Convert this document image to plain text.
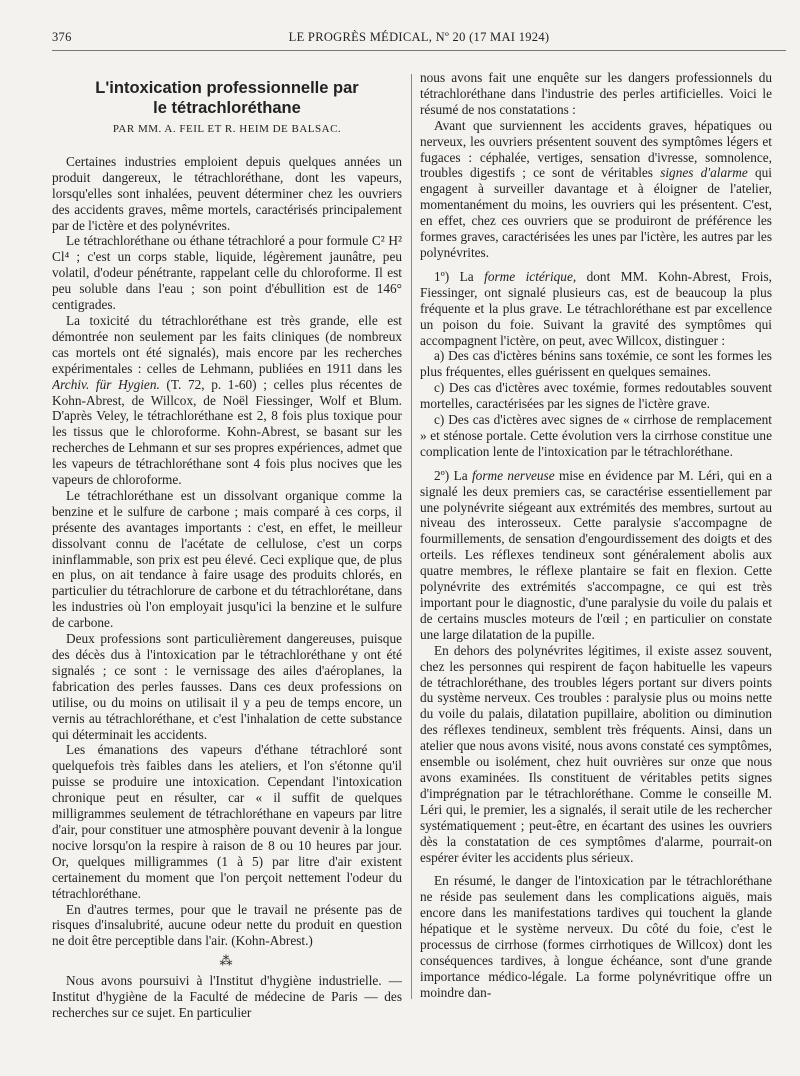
376	LE PROGRÈS MÉDICAL, Nº 20 (17 MAI 1924)
L'intoxication professionnelle par
le tétrachloréthane
PAR MM. A. FEIL ET R. HEIM DE BALSAC.

Certaines industries emploient depuis quelques années un produit dangereux, le tétrachloréthane, dont les vapeurs, lorsqu'elles sont inhalées, peuvent déterminer chez les ouvriers des accidents graves, même mortels, caractérisés principalement par de l'ictère et des polynévrites.

Le tétrachloréthane ou éthane tétrachloré a pour formule C² H² Cl⁴ ; c'est un corps stable, liquide, légèrement jaunâtre, peu volatil, d'odeur pénétrante, rappelant celle du chloroforme. Il est peu soluble dans l'eau ; son point d'ébullition est de 146° centigrades.

La toxicité du tétrachloréthane est très grande, elle est démontrée non seulement par les faits cliniques (de nombreux cas mortels ont été signalés), mais encore par les recherches expérimentales : celles de Lehmann, publiées en 1911 dans les Archiv. für Hygien. (T. 72, p. 1-60) ; celles plus récentes de Kohn-Abrest, de Willcox, de Noël Fiessinger, Wolf et Blum. D'après Veley, le tétrachloréthane est 2, 8 fois plus toxique pour les tissus que le chloroforme. Kohn-Abrest, se basant sur les recherches de Lehmann et sur ses propres expériences, admet que les vapeurs de tétrachloréthane sont 4 fois plus nocives que les vapeurs de chloroforme.

Le tétrachloréthane est un dissolvant organique comme la benzine et le sulfure de carbone ; mais comparé à ces corps, il présente des avantages importants : c'est, en effet, le meilleur dissolvant connu de l'acétate de cellulose, c'est un corps ininflammable, son prix est peu élevé. Ceci explique que, de plus en plus, on ait tendance à faire usage des produits chlorés, en particulier du tétrachlorure de carbone et du tétrachlorétane, dans les industries où l'on employait jusqu'ici la benzine et le sulfure de carbone.

Deux professions sont particulièrement dangereuses, puisque des décès dus à l'intoxication par le tétrachloréthane y ont été signalés ; ce sont : le vernissage des ailes d'aéroplanes, la fabrication des perles fausses. Dans ces deux professions on utilise, ou du moins on utilisait il y a peu de temps encore, un vernis au tétrachloréthane, et c'est l'inhalation de cette substance qui déterminait les accidents.

Les émanations des vapeurs d'éthane tétrachloré sont quelquefois très faibles dans les ateliers, et l'on s'étonne qu'il puisse se produire une intoxication. Cependant l'intoxication chronique peut en résulter, car « il suffit de quelques milligrammes seulement de tétrachloréthane en vapeurs par litre d'air, pour constituer une atmosphère pouvant devenir à la longue nocive lorsqu'on la respire à raison de 8 ou 10 heures par jour. Or, quelques milligrammes (1 à 5) par litre d'air existent certainement du moment que l'on perçoit nettement l'odeur du tétrachloréthane.

En d'autres termes, pour que le travail ne présente pas de risques d'insalubrité, aucune odeur nette du produit en question ne doit être perceptible dans l'air. (Kohn-Abrest.)

⁂

Nous avons poursuivi à l'Institut d'hygiène industrielle. — Institut d'hygiène de la Faculté de médecine de Paris — des recherches sur ce sujet. En particulier

nous avons fait une enquête sur les dangers professionnels du tétrachloréthane dans l'industrie des perles artificielles. Voici le résumé de nos constatations :

Avant que surviennent les accidents graves, hépatiques ou nerveux, les ouvriers présentent souvent des symptômes légers et fugaces : céphalée, vertiges, sensation d'ivresse, somnolence, troubles digestifs ; ce sont de véritables signes d'alarme qui engagent à surveiller davantage et à éloigner de l'atelier, momentanément du moins, les ouvriers qui les présentent. C'est, en effet, chez ces ouvriers que se produiront de préférence les formes graves, caractérisées les unes par l'ictère, les autres par les polynévrites.

1º) La forme ictérique, dont MM. Kohn-Abrest, Frois, Fiessinger, ont signalé plusieurs cas, est de beaucoup la plus fréquente et la plus grave. Le tétrachloréthane est par excellence un poison du foie. Suivant la gravité des symptômes qui accompagnent l'ictère, on peut, avec Willcox, distinguer :

a) Des cas d'ictères bénins sans toxémie, ce sont les formes les plus fréquentes, elles guérissent en quelques semaines.

c) Des cas d'ictères avec toxémie, formes redoutables souvent mortelles, caractérisées par les signes de l'ictère grave.

c) Des cas d'ictères avec signes de « cirrhose de remplacement » et sténose portale. Cette évolution vers la cirrhose constitue une complication lente de l'intoxication par le tétrachloréthane.

2º) La forme nerveuse mise en évidence par M. Léri, qui en a signalé les deux premiers cas, se caractérise essentiellement par une polynévrite siégeant aux extrémités des membres, surtout au niveau des interosseux. Cette paralysie s'accompagne de fourmillements, de sensation d'engourdissement des doigts et des orteils. Les réflexes tendineux sont généralement abolis aux quatre membres, le réflexe plantaire se fait en flexion. Cette polynévrite des extrémités s'accompagne, ce qui est très important pour le diagnostic, d'une paralysie du voile du palais et de certains muscles moteurs de l'œil ; en particulier on constate une large dilatation de la pupille.

En dehors des polynévrites légitimes, il existe assez souvent, chez les personnes qui respirent de façon habituelle les vapeurs de tétrachloréthane, des troubles légers portant sur divers points du système nerveux. Ces troubles : paralysie plus ou moins nette du voile du palais, dilatation pupillaire, abolition ou diminution des réflexes tendineux, semblent très fréquents. Ainsi, dans un atelier que nous avons visité, nous avons constaté ces symptômes, ensemble ou isolément, chez huit ouvrières sur onze que nous avons examinées. Ils constituent de véritables petits signes d'imprégnation par le tétrachloréthane. Comme le conseille M. Léri qui, le premier, les a signalés, il serait utile de les rechercher systématiquement ; peut-être, en écartant des usines les ouvriers dès la constatation de ces symptômes d'alarme, pourrait-on espérer éviter les accidents plus sérieux.

En résumé, le danger de l'intoxication par le tétrachloréthane ne réside pas seulement dans les complications aiguës, mais encore dans les manifestations tardives qui touchent la glande hépatique et le système nerveux. Du côté du foie, c'est le processus de cirrhose (formes cirrhotiques de Willcox) dont les conséquences tardives, à longue échéance, sont d'une grande importance médico-légale. La forme polynévritique offre un moindre dan-
